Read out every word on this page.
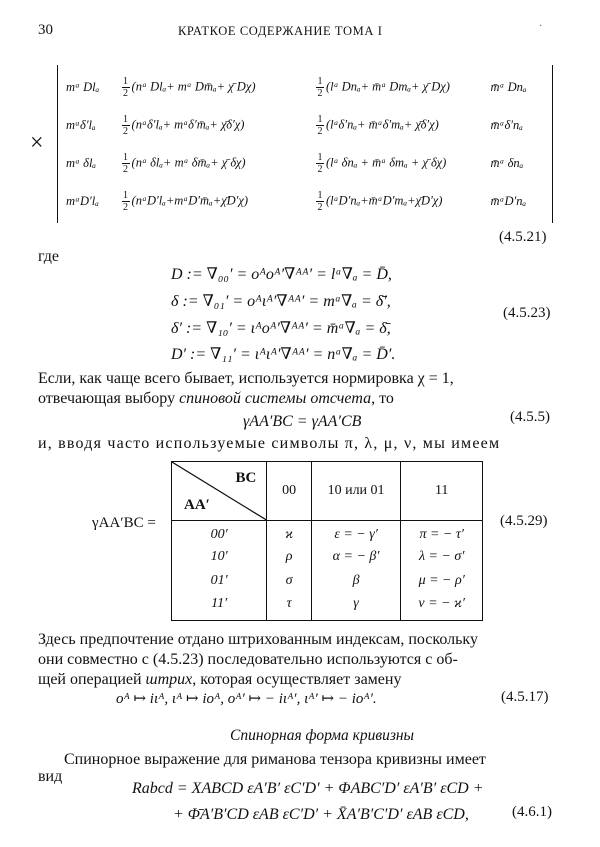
30	КРАТКОЕ СОДЕРЖАНИЕ ТОМА I	·
×
mᵃ Dlₐ	$\frac{1}{2}$ (nᵃ Dlₐ+ mᵃ Dm̄ₐ+ χ̄ Dχ)	$\frac{1}{2}$ (lᵃ Dnₐ+ m̄ᵃ Dmₐ+ χ̄ Dχ)	m̄ᵃ Dnₐ
mᵃδ′lₐ	$\frac{1}{2}$ (nᵃδ′lₐ+ mᵃδ′m̄ₐ+ χ̄δ′χ)	$\frac{1}{2}$ (lᵃδ′nₐ+ m̄ᵃδ′mₐ+ χ̄δ′χ)	m̄ᵃδ′nₐ
mᵃ δlₐ	$\frac{1}{2}$ (nᵃ δlₐ+ mᵃ δm̄ₐ+ χ̄ δχ)	$\frac{1}{2}$ (lᵃ δnₐ + m̄ᵃ δmₐ + χ̄ δχ)	m̄ᵃ δnₐ
mᵃD′lₐ	$\frac{1}{2}$ (nᵃD′lₐ+mᵃD′m̄ₐ+χ̄D′χ)	$\frac{1}{2}$ (lᵃD′nₐ+m̄ᵃD′mₐ+χ̄D′χ)	m̄ᵃD′nₐ
(4.5.21)
где
D := ∇₀₀′ = oᴬoᴬ′∇ᴬᴬ′ = lᵃ∇ₐ = D̄,
δ := ∇₀₁′ = oᴬιᴬ′∇ᴬᴬ′ = mᵃ∇ₐ = δ̄′,
δ′ := ∇₁₀′ = ιᴬoᴬ′∇ᴬᴬ′ = m̄ᵃ∇ₐ = δ̄,
D′ := ∇₁₁′ = ιᴬιᴬ′∇ᴬᴬ′ = nᵃ∇ₐ = D̄′.
(4.5.23)
Если, как чаще всего бывает, используется нормировка χ = 1,
отвечающая выбору спиновой системы отсчета, то
γAA′BC = γAA′CB	(4.5.5)
и, вводя часто используемые символы π, λ, μ, ν, мы имеем
γAA′BC =
BC
AA′	00	10 или 01	11
00′	ϰ	ε = − γ′	π = − τ′
10′	ρ	α = − β′	λ = − σ′
01′	σ	β	μ = − ρ′
11′	τ	γ	ν = − ϰ′
(4.5.29)
Здесь предпочтение отдано штрихованным индексам, поскольку
они совместно с (4.5.23) последовательно используются с об-
щей операцией штрих, которая осуществляет замену
oᴬ ↦ iιᴬ, ιᴬ ↦ ioᴬ, oᴬ′ ↦ − iιᴬ′, ιᴬ′ ↦ − ioᴬ′.	(4.5.17)
Спинорная форма кривизны
Спинорное выражение для риманова тензора кривизны имеет
вид
Rabcd = XABCD εA′B′ εC′D′ + ΦABC′D′ εA′B′ εCD +
+ Φ̄A′B′CD εAB εC′D′ + X̄A′B′C′D′ εAB εCD,	(4.6.1)
